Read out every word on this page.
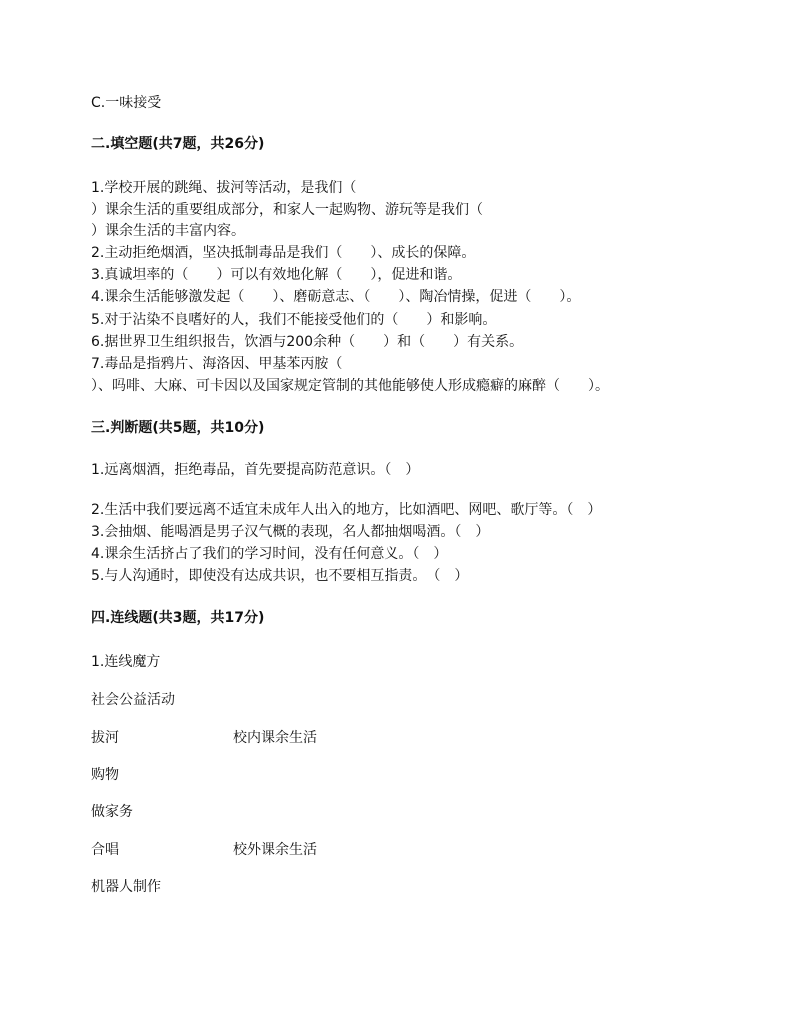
C.一味接受
二.填空题(共7题，共26分)
1.学校开展的跳绳、拔河等活动，是我们（
）课余生活的重要组成部分，和家人一起购物、游玩等是我们（
）课余生活的丰富内容。
2.主动拒绝烟酒，坚决抵制毒品是我们（　　）、成长的保障。
3.真诚坦率的（　　）可以有效地化解（　　），促进和谐。
4.课余生活能够激发起（　　）、磨砺意志、（　　）、陶冶情操，促进（　　）。
5.对于沾染不良嗜好的人，我们不能接受他们的（　　）和影响。
6.据世界卫生组织报告，饮酒与200余种（　　）和（　　）有关系。
7.毒品是指鸦片、海洛因、甲基苯丙胺（
）、吗啡、大麻、可卡因以及国家规定管制的其他能够使人形成瘾癖的麻醉（　　）。
三.判断题(共5题，共10分)
1.远离烟酒，拒绝毒品，首先要提高防范意识。（　）
2.生活中我们要远离不适宜未成年人出入的地方，比如酒吧、网吧、歌厅等。（　）
3.会抽烟、能喝酒是男子汉气概的表现，名人都抽烟喝酒。（　）
4.课余生活挤占了我们的学习时间，没有任何意义。（　）
5.与人沟通时，即使没有达成共识，也不要相互指责。　（　）
四.连线题(共3题，共17分)
1.连线魔方
社会公益活动
拔河	校内课余生活
购物
做家务
合唱	校外课余生活
机器人制作
